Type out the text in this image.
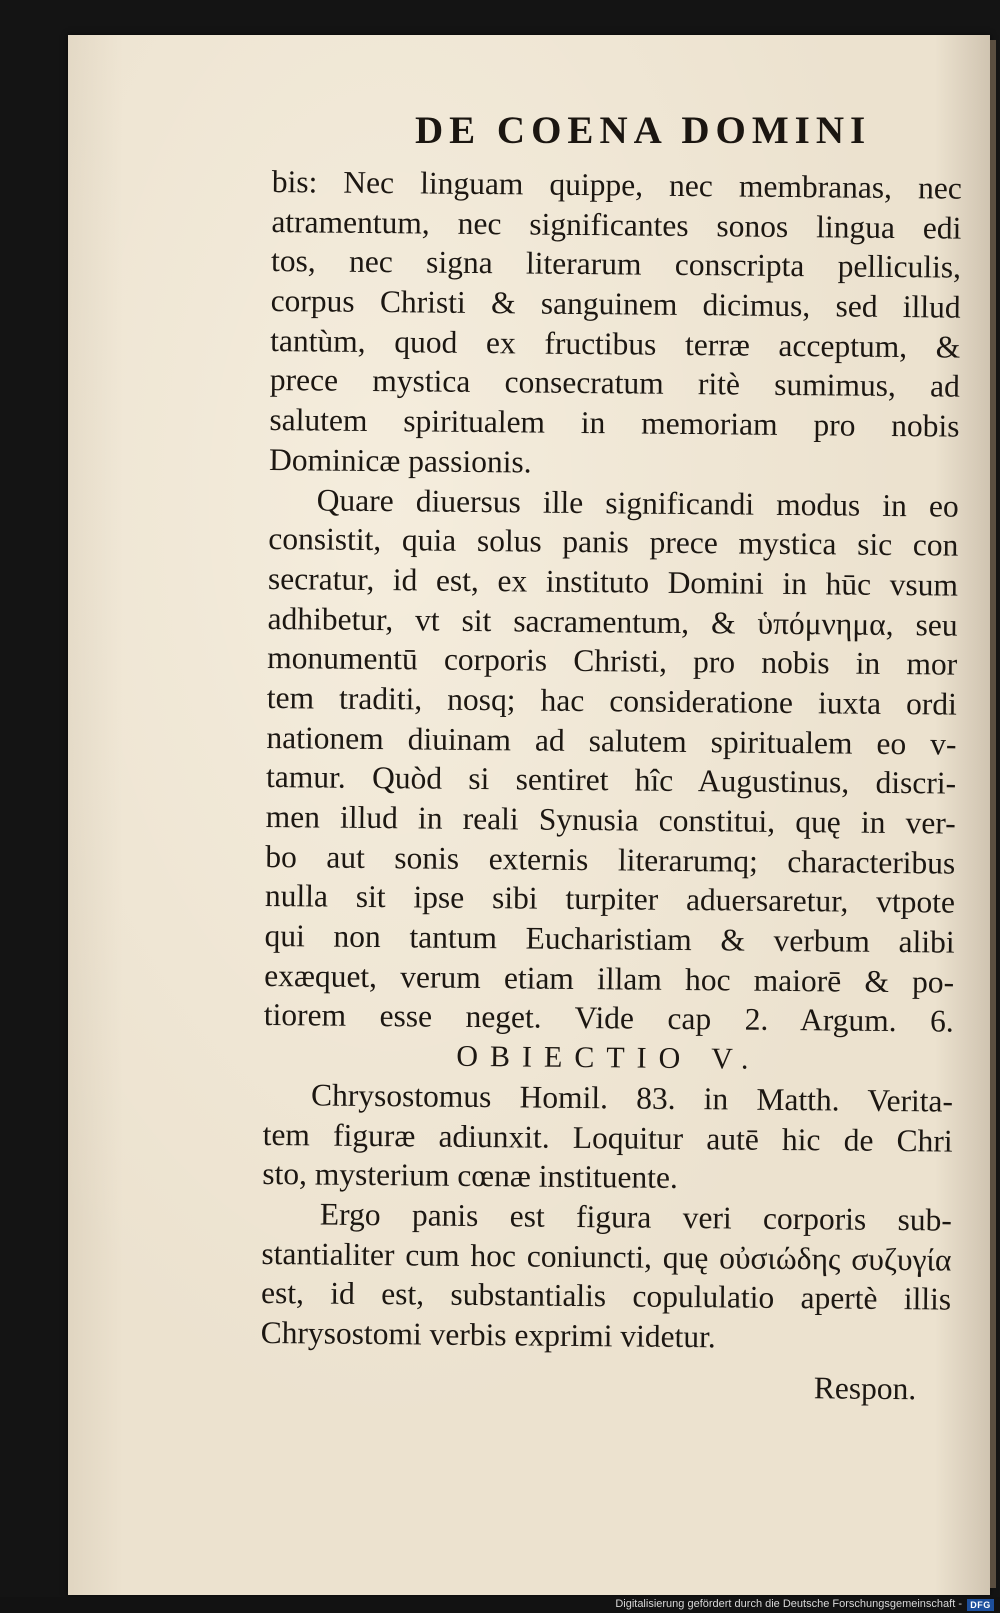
DE COENA DOMINI
bis: Nec linguam quippe, nec membranas, nec
atramentum, nec significantes sonos lingua edi
tos, nec signa literarum conscripta pelliculis,
corpus Christi & sanguinem dicimus, sed illud
tantùm, quod ex fructibus terræ acceptum, &
prece mystica consecratum ritè sumimus, ad
salutem spiritualem in memoriam pro nobis
Dominicæ passionis.
Quare diuersus ille significandi modus in eo
consistit, quia solus panis prece mystica sic con
secratur, id est, ex instituto Domini in hūc vsum
adhibetur, vt sit sacramentum, & ὑπόμνημα, seu
monumentū corporis Christi, pro nobis in mor
tem traditi, nosq; hac consideratione iuxta ordi
nationem diuinam ad salutem spiritualem eo v-
tamur. Quòd si sentiret hîc Augustinus, discri-
men illud in reali Synusia constitui, quę in ver-
bo aut sonis externis literarumq; characteribus
nulla sit ipse sibi turpiter aduersaretur, vtpote
qui non tantum Eucharistiam & verbum alibi
exæquet, verum etiam illam hoc maiorē & po-
tiorem esse neget. Vide cap 2. Argum. 6.
OBIECTIO V.
Chrysostomus Homil. 83. in Matth. Verita-
tem figuræ adiunxit. Loquitur autē hic de Chri
sto, mysterium cœnæ instituente.
Ergo panis est figura veri corporis sub-
stantialiter cum hoc coniuncti, quę οὐσιώδης συζυγία
est, id est, substantialis copululatio apertè illis
Chrysostomi verbis exprimi videtur.
Respon.
Digitalisierung gefördert durch die Deutsche Forschungsgemeinschaft - DFG
